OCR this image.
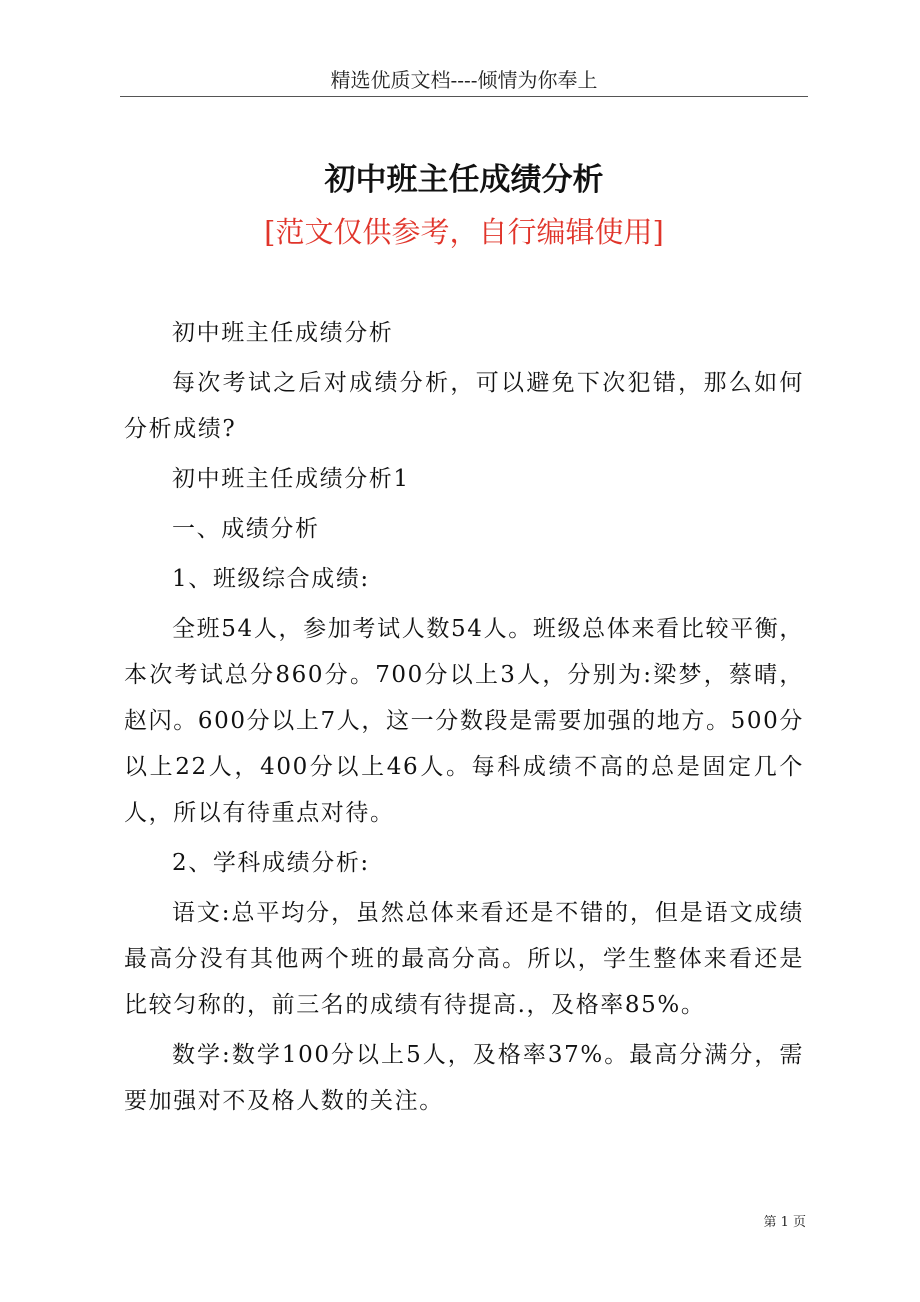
精选优质文档----倾情为你奉上
初中班主任成绩分析
[范文仅供参考，自行编辑使用]

初中班主任成绩分析

每次考试之后对成绩分析，可以避免下次犯错，那么如何分析成绩?

初中班主任成绩分析1

一、成绩分析

1、班级综合成绩:

全班54人，参加考试人数54人。班级总体来看比较平衡，本次考试总分860分。700分以上3人，分别为:梁梦，蔡晴，赵闪。600分以上7人，这一分数段是需要加强的地方。500分以上22人，400分以上46人。每科成绩不高的总是固定几个人，所以有待重点对待。

2、学科成绩分析:

语文:总平均分，虽然总体来看还是不错的，但是语文成绩最高分没有其他两个班的最高分高。所以，学生整体来看还是比较匀称的，前三名的成绩有待提高.，及格率85%。

数学:数学100分以上5人，及格率37%。最高分满分，需要加强对不及格人数的关注。

第 1 页
